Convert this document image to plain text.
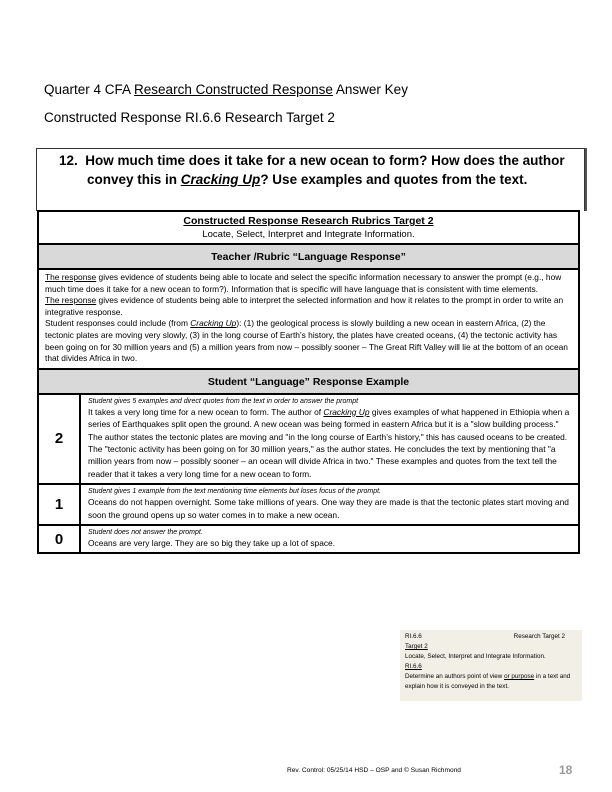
Quarter 4 CFA Research Constructed Response Answer Key
Constructed Response RI.6.6 Research Target 2
12. How much time does it take for a new ocean to form? How does the author convey this in Cracking Up? Use examples and quotes from the text.
Constructed Response Research Rubrics Target 2
Locate, Select, Interpret and Integrate Information.
Teacher /Rubric “Language Response”
The response gives evidence of students being able to locate and select the specific information necessary to answer the prompt (e.g., how much time does it take for a new ocean to form?). Information that is specific will have language that is consistent with time elements.
The response gives evidence of students being able to interpret the selected information and how it relates to the prompt in order to write an integrative response.
Student responses could include (from Cracking Up): (1) the geological process is slowly building a new ocean in eastern Africa, (2) the tectonic plates are moving very slowly, (3) in the long course of Earth’s history, the plates have created oceans, (4) the tectonic activity has been going on for 30 million years and (5) a million years from now – possibly sooner – The Great Rift Valley will lie at the bottom of an ocean that divides Africa in two.
Student “Language” Response Example
2
Student gives 5 examples and direct quotes from the text in order to answer the prompt
It takes a very long time for a new ocean to form. The author of Cracking Up gives examples of what happened in Ethiopia when a series of Earthquakes split open the ground. A new ocean was being formed in eastern Africa but it is a "slow building process." The author states the tectonic plates are moving and "in the long course of Earth’s history," this has caused oceans to be created. The "tectonic activity has been going on for 30 million years," as the author states. He concludes the text by mentioning that "a million years from now – possibly sooner – an ocean will divide Africa in two." These examples and quotes from the text tell the reader that it takes a very long time for a new ocean to form.
1
Student gives 1 example from the text mentioning time elements but loses focus of the prompt.
Oceans do not happen overnight. Some take millions of years. One way they are made is that the tectonic plates start moving and soon the ground opens up so water comes in to make a new ocean.
0	Student does not answer the prompt.
Oceans are very large. They are so big they take up a lot of space.
RI.6.6	Research Target 2
Target 2
Locate, Select, Interpret and Integrate Information.
RI.6.6
Determine an authors point of view or purpose in a text and explain how it is conveyed in the text.
Rev. Control: 05/25/14 HSD – OSP and © Susan Richmond	18
